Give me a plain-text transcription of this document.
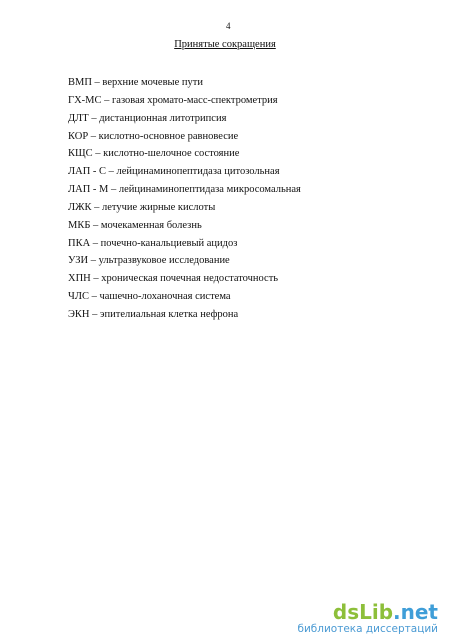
4
Принятые сокращения
ВМП – верхние мочевые пути
ГХ-МС – газовая хромато-масс-спектрометрия
ДЛТ – дистанционная литотрипсия
КОР – кислотно-основное равновесие
КЩС – кислотно-шелочное состояние
ЛАП - С – лейцинаминопептидаза цитозольная
ЛАП - М – лейцинаминопептидаза микросомальная
ЛЖК – летучие жирные кислоты
МКБ – мочекаменная болезнь
ПКА – почечно-канальциевый ацидоз
УЗИ – ультразвуковое исследование
ХПН – хроническая почечная недостаточность
ЧЛС – чашечно-лоханочная система
ЭКН – эпителиальная клетка нефрона
dsLib.net
библиотека диссертаций
